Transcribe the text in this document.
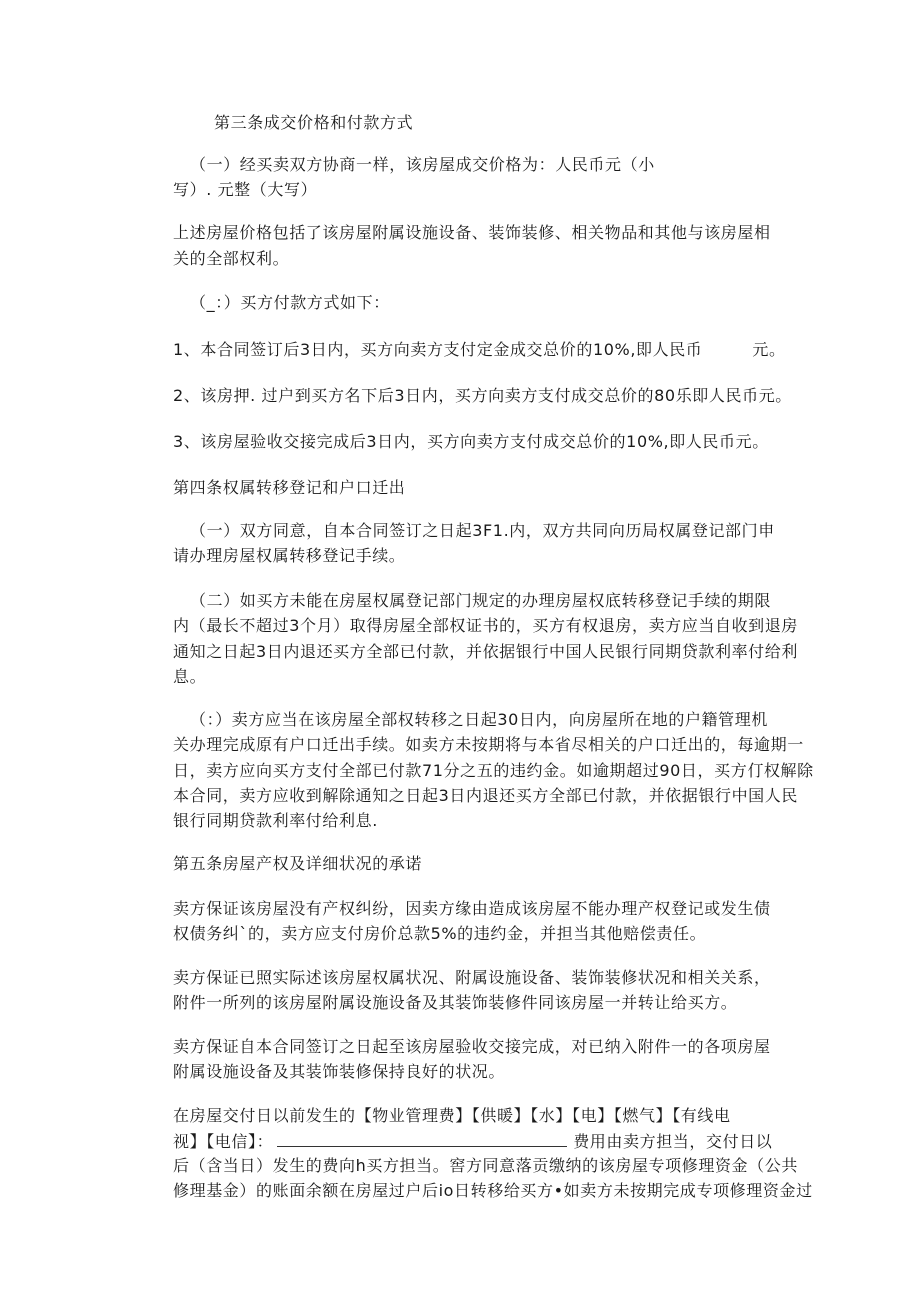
第三条成交价格和付款方式
（一）经买卖双方协商一样，该房屋成交价格为：人民币元（小
写）. 元整（大写）
上述房屋价格包括了该房屋附属设施设备、装饰装修、相关物品和其他与该房屋相
关的全部权利。
（_：）买方付款方式如下：
1、本合同签订后3日内，买方向卖方支付定金成交总价的10%,即人民币	元。
2、该房押. 过户到买方名下后3日内，买方向卖方支付成交总价的80乐即人民币元。
3、该房屋验收交接完成后3日内，买方向卖方支付成交总价的10%,即人民币元。
第四条权属转移登记和户口迁出
（一）双方同意，自本合同签订之日起3F1.内，双方共同向历局权属登记部门申
请办理房屋权属转移登记手续。
（二）如买方未能在房屋权属登记部门规定的办理房屋权底转移登记手续的期限
内（最长不超过3个月）取得房屋全部权证书的，买方有权退房，卖方应当自收到退房
通知之日起3日内退还买方全部已付款，并依据银行中国人民银行同期贷款利率付给利
息。
（：）卖方应当在该房屋全部权转移之日起30日内，向房屋所在地的户籍管理机
关办理完成原有户口迁出手续。如卖方未按期将与本省尽相关的户口迁出的，每逾期一
日，卖方应向买方支付全部已付款71分之五的违约金。如逾期超过90日，买方仃权解除
本合同，卖方应收到解除通知之日起3日内退还买方全部已付款，并依据银行中国人民
银行同期贷款利率付给利息.
第五条房屋产权及详细状况的承诺
卖方保证该房屋没有产权纠纷，因卖方缘由造成该房屋不能办理产权登记或发生债
权债务纠`的，卖方应支付房价总款5%的违约金，并担当其他赔偿责任。
卖方保证已照实际述该房屋权属状况、附属设施设备、装饰装修状况和相关关系，
附件一所列的该房屋附属设施设备及其装饰装修件同该房屋一并转让给买方。
卖方保证自本合同签订之日起至该房屋验收交接完成，对已纳入附件一的各项房屋
附属设施设备及其装饰装修保持良好的状况。
在房屋交付日以前发生的【物业管理费】【供暖】【水】【电】【燃气】【有线电
视】【电信】：	费用由卖方担当，交付日以
后（含当日）发生的费向h买方担当。窖方同意落贡缴纳的该房屋专项修理资金（公共
修理基金）的账面余额在房屋过户后io日转移给买方•如卖方未按期完成专项修理资金过
